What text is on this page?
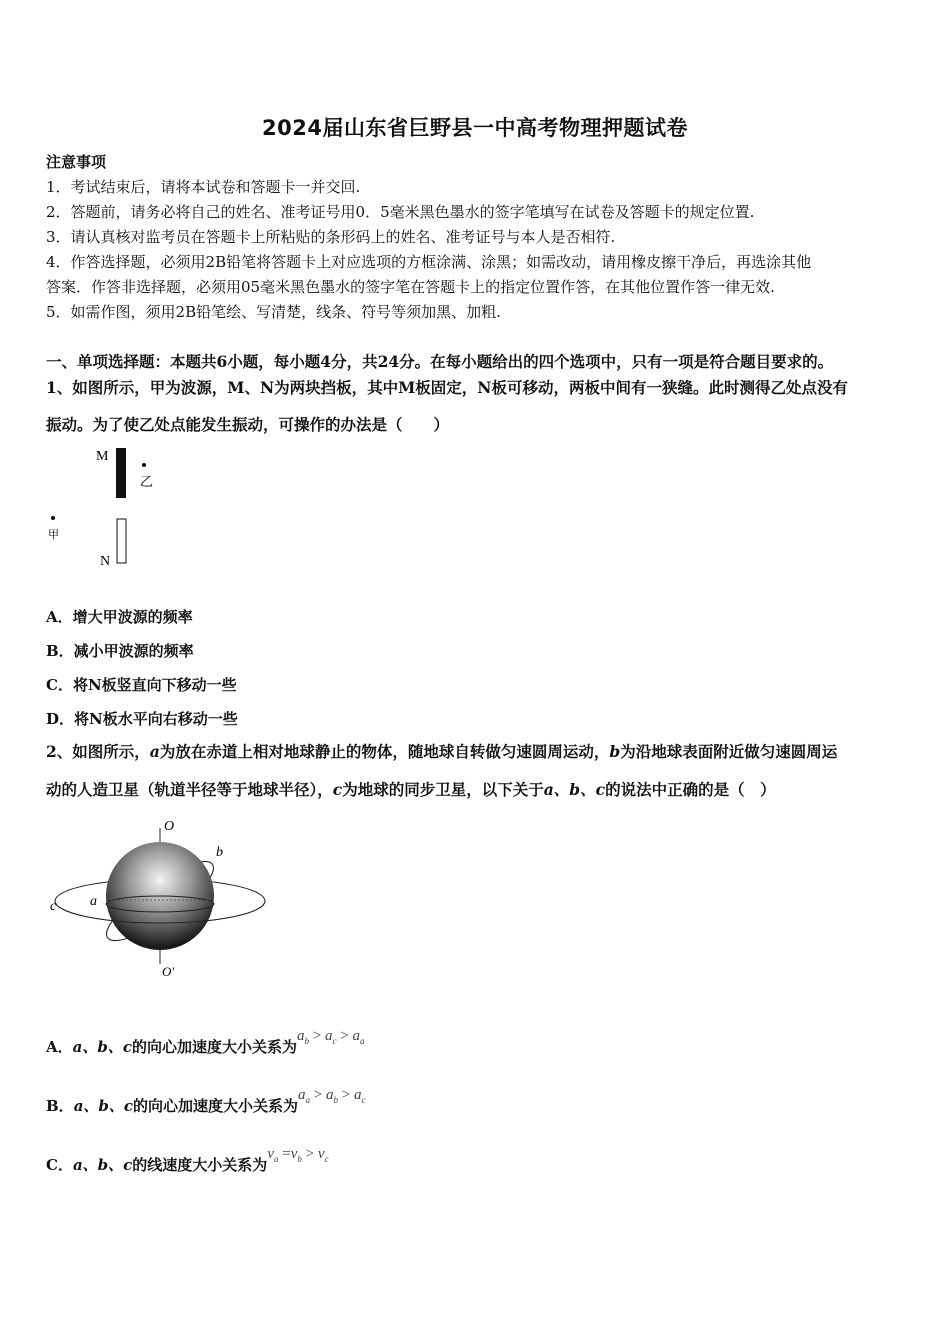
2024届山东省巨野县一中高考物理押题试卷
注意事项
1．考试结束后，请将本试卷和答题卡一并交回.
2．答题前，请务必将自己的姓名、准考证号用0．5毫米黑色墨水的签字笔填写在试卷及答题卡的规定位置.
3．请认真核对监考员在答题卡上所粘贴的条形码上的姓名、准考证号与本人是否相符.
4．作答选择题，必须用2B铅笔将答题卡上对应选项的方框涂满、涂黑；如需改动，请用橡皮擦干净后，再选涂其他
答案．作答非选择题，必须用05毫米黑色墨水的签字笔在答题卡上的指定位置作答，在其他位置作答一律无效.
5．如需作图，须用2B铅笔绘、写清楚，线条、符号等须加黑、加粗.
一、单项选择题：本题共6小题，每小题4分，共24分。在每小题给出的四个选项中，只有一项是符合题目要求的。
1、如图所示，甲为波源，M、N为两块挡板，其中M板固定，N板可移动，两板中间有一狭缝。此时测得乙处点没有
振动。为了使乙处点能发生振动，可操作的办法是（　　）
M
乙
甲
N
A．增大甲波源的频率
B．减小甲波源的频率
C．将N板竖直向下移动一些
D．将N板水平向右移动一些
2、如图所示，a为放在赤道上相对地球静止的物体，随地球自转做匀速圆周运动，b为沿地球表面附近做匀速圆周运
动的人造卫星（轨道半径等于地球半径），c为地球的同步卫星，以下关于a、b、c的说法中正确的是（　）
O
O′
b
a
c
A．a、b、c的向心加速度大小关系为$a_b > a_c > a_a$
B．a、b、c的向心加速度大小关系为$a_a > a_b > a_c$
C．a、b、c的线速度大小关系为$v_a =v_b > v_c$
